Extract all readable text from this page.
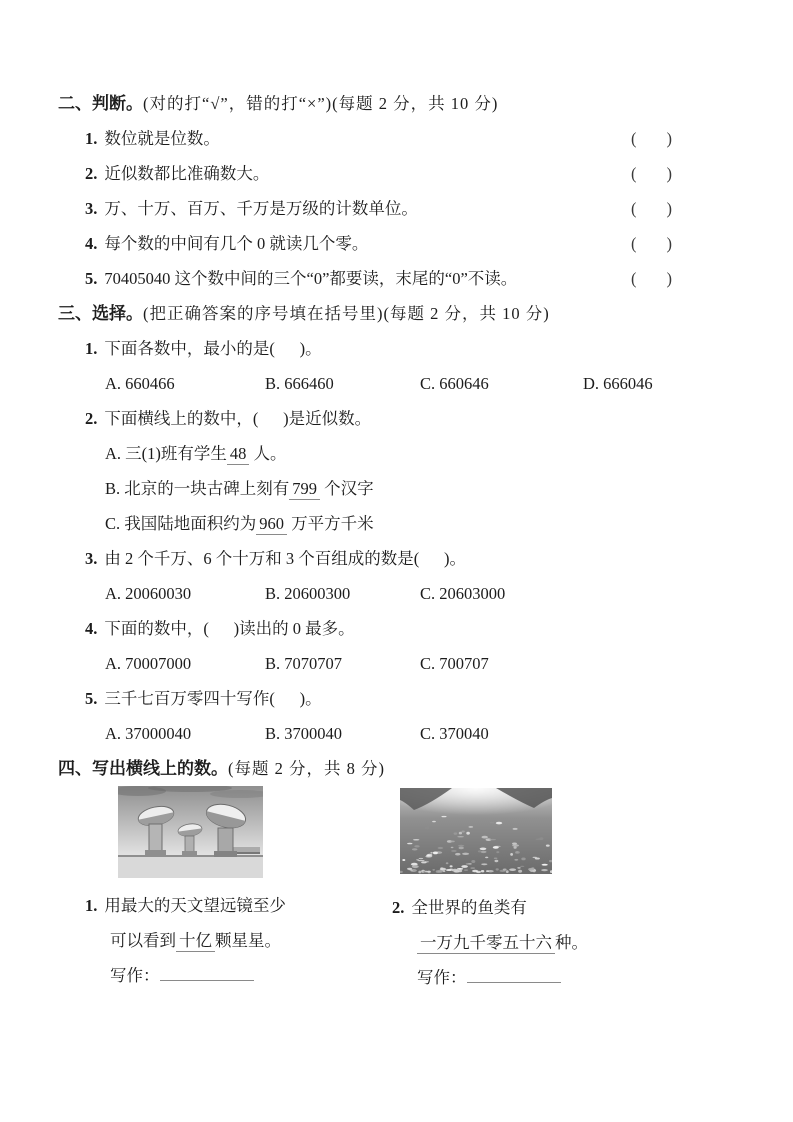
二、判断。(对的打“√”，错的打“×”)(每题 2 分，共 10 分)
1. 数位就是位数。	( )
2. 近似数都比准确数大。	( )
3. 万、十万、百万、千万是万级的计数单位。	( )
4. 每个数的中间有几个 0 就读几个零。	( )
5. 70405040 这个数中间的三个“0”都要读，末尾的“0”不读。	( )
三、选择。(把正确答案的序号填在括号里)(每题 2 分，共 10 分)
1. 下面各数中，最小的是(      )。
A. 660466	B. 666460	C. 660646	D. 666046
2. 下面横线上的数中，(      )是近似数。
A. 三(1)班有学生 48 人。
B. 北京的一块古碑上刻有 799 个汉字
C. 我国陆地面积约为 960 万平方千米
3. 由 2 个千万、6 个十万和 3 个百组成的数是(      )。
A. 20060030	B. 20600300	C. 20603000
4. 下面的数中，(      )读出的 0 最多。
A. 70007000	B. 7070707	C. 700707
5. 三千七百万零四十写作(      )。
A. 37000040	B. 3700040	C. 370040
四、写出横线上的数。(每题 2 分，共 8 分)
1. 用最大的天文望远镜至少
可以看到 十亿 颗星星。
写作：
2. 全世界的鱼类有
一万九千零五十六 种。
写作：
